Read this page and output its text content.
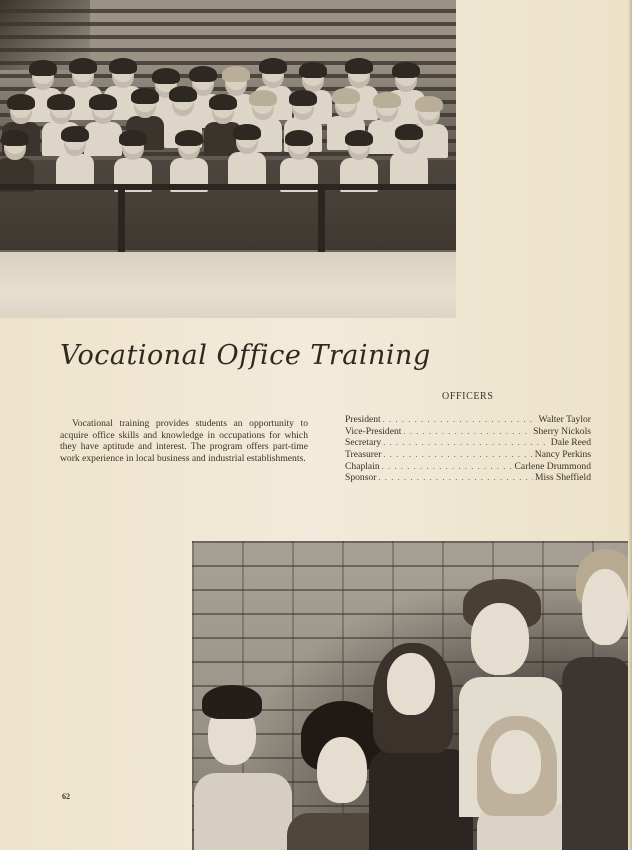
Vocational Office Training
OFFICERS
Vocational training provides students an opportunity to acquire office skills and knowledge in occupations for which they have aptitude and interest. The program offers part-time work experience in local business and industrial establishments.
President . . .	Walter Taylor
Vice-President . . .	Sherry Nickols
Secretary . . .	Dale Reed
Treasurer . . .	Nancy Perkins
Chaplain . . .	Carlene Drummond
Sponsor . . .	Miss Sheffield
62
